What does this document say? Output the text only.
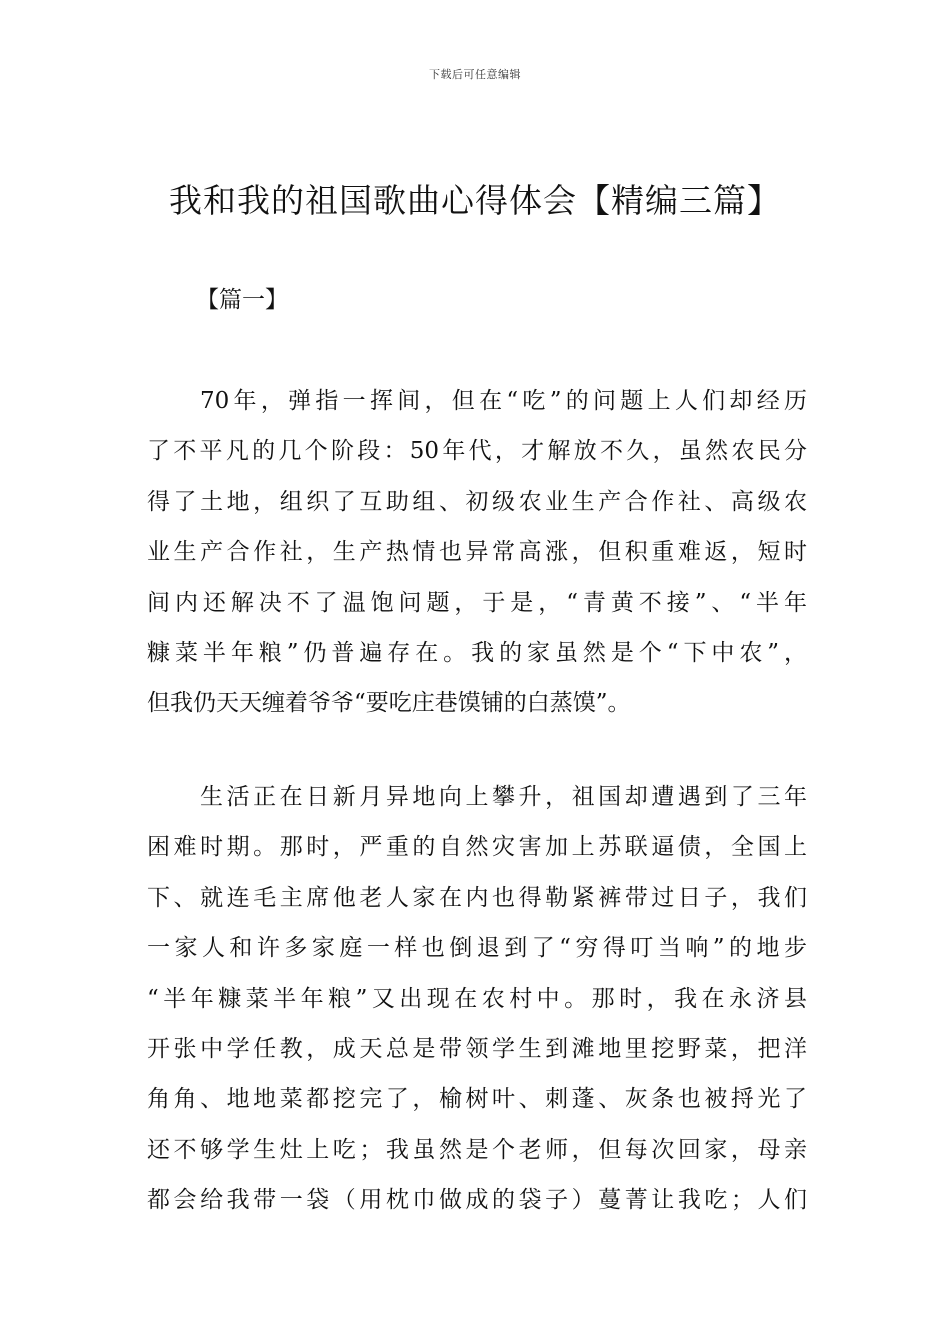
下载后可任意编辑
我和我的祖国歌曲心得体会【精编三篇】
【篇一】
70年，弹指一挥间，但在“吃”的问题上人们却经历
了不平凡的几个阶段：50年代，才解放不久，虽然农民分
得了土地，组织了互助组、初级农业生产合作社、高级农
业生产合作社，生产热情也异常高涨，但积重难返，短时
间内还解决不了温饱问题，于是，“青黄不接”、“半年
糠菜半年粮”仍普遍存在。我的家虽然是个“下中农”，
但我仍天天缠着爷爷“要吃庄巷馍铺的白蒸馍”。
生活正在日新月异地向上攀升，祖国却遭遇到了三年
困难时期。那时，严重的自然灾害加上苏联逼债，全国上
下、就连毛主席他老人家在内也得勒紧裤带过日子，我们
一家人和许多家庭一样也倒退到了“穷得叮当响”的地步
“半年糠菜半年粮”又出现在农村中。那时，我在永济县
开张中学任教，成天总是带领学生到滩地里挖野菜，把洋
角角、地地菜都挖完了，榆树叶、刺蓬、灰条也被捋光了
还不够学生灶上吃；我虽然是个老师，但每次回家，母亲
都会给我带一袋（用枕巾做成的袋子）蔓菁让我吃；人们
